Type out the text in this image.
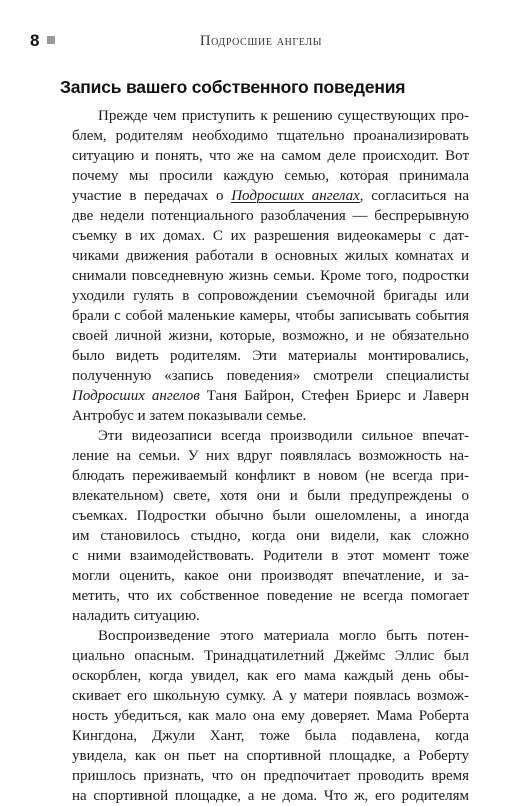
8	Подросшие ангелы
Запись вашего собственного поведения
Прежде чем приступить к решению существующих про-
блем, родителям необходимо тщательно проанализировать
ситуацию и понять, что же на самом деле происходит. Вот
почему мы просили каждую семью, которая принимала
участие в передачах о Подросших ангелах, согласиться на
две недели потенциального разоблачения — беспрерывную
съемку в их домах. С их разрешения видеокамеры с дат-
чиками движения работали в основных жилых комнатах и
снимали повседневную жизнь семьи. Кроме того, подростки
уходили гулять в сопровождении съемочной бригады или
брали с собой маленькие камеры, чтобы записывать события
своей личной жизни, которые, возможно, и не обязательно
было видеть родителям. Эти материалы монтировались,
полученную «запись поведения» смотрели специалисты
Подросших ангелов Таня Байрон, Стефен Бриерс и Лаверн
Антробус и затем показывали семье.
Эти видеозаписи всегда производили сильное впечат-
ление на семьи. У них вдруг появлялась возможность на-
блюдать переживаемый конфликт в новом (не всегда при-
влекательном) свете, хотя они и были предупреждены о
съемках. Подростки обычно были ошеломлены, а иногда
им становилось стыдно, когда они видели, как сложно
с ними взаимодействовать. Родители в этот момент тоже
могли оценить, какое они производят впечатление, и за-
метить, что их собственное поведение не всегда помогает
наладить ситуацию.
Воспроизведение этого материала могло быть потен-
циально опасным. Тринадцатилетний Джеймс Эллис был
оскорблен, когда увидел, как его мама каждый день обы-
скивает его школьную сумку. А у матери появлась возмож-
ность убедиться, как мало она ему доверяет. Мама Роберта
Кингдона, Джули Хант, тоже была подавлена, когда
увидела, как он пьет на спортивной площадке, а Роберту
пришлось признать, что он предпочитает проводить время
на спортивной площадке, а не дома. Что ж, его родителям
